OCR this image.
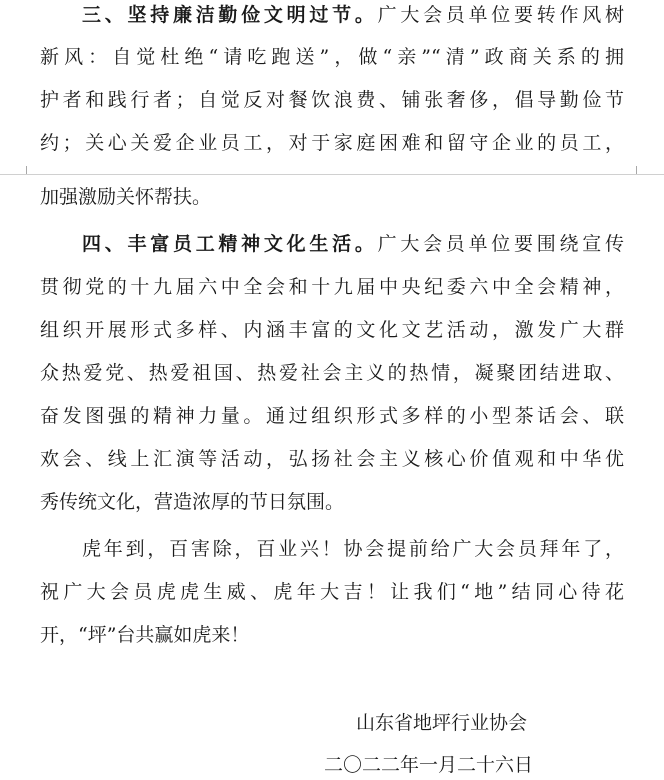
三、坚持廉洁勤俭文明过节。广大会员单位要转作风树
新风：自觉杜绝“请吃跑送”，做“亲”“清”政商关系的拥
护者和践行者；自觉反对餐饮浪费、铺张奢侈，倡导勤俭节
约；关心关爱企业员工，对于家庭困难和留守企业的员工，
加强激励关怀帮扶。
四、丰富员工精神文化生活。广大会员单位要围绕宣传
贯彻党的十九届六中全会和十九届中央纪委六中全会精神，
组织开展形式多样、内涵丰富的文化文艺活动，激发广大群
众热爱党、热爱祖国、热爱社会主义的热情，凝聚团结进取、
奋发图强的精神力量。通过组织形式多样的小型茶话会、联
欢会、线上汇演等活动，弘扬社会主义核心价值观和中华优
秀传统文化，营造浓厚的节日氛围。
虎年到，百害除，百业兴！协会提前给广大会员拜年了，
祝广大会员虎虎生威、虎年大吉！让我们“地”结同心待花
开，“坪”台共赢如虎来！
山东省地坪行业协会
二〇二二年一月二十六日
